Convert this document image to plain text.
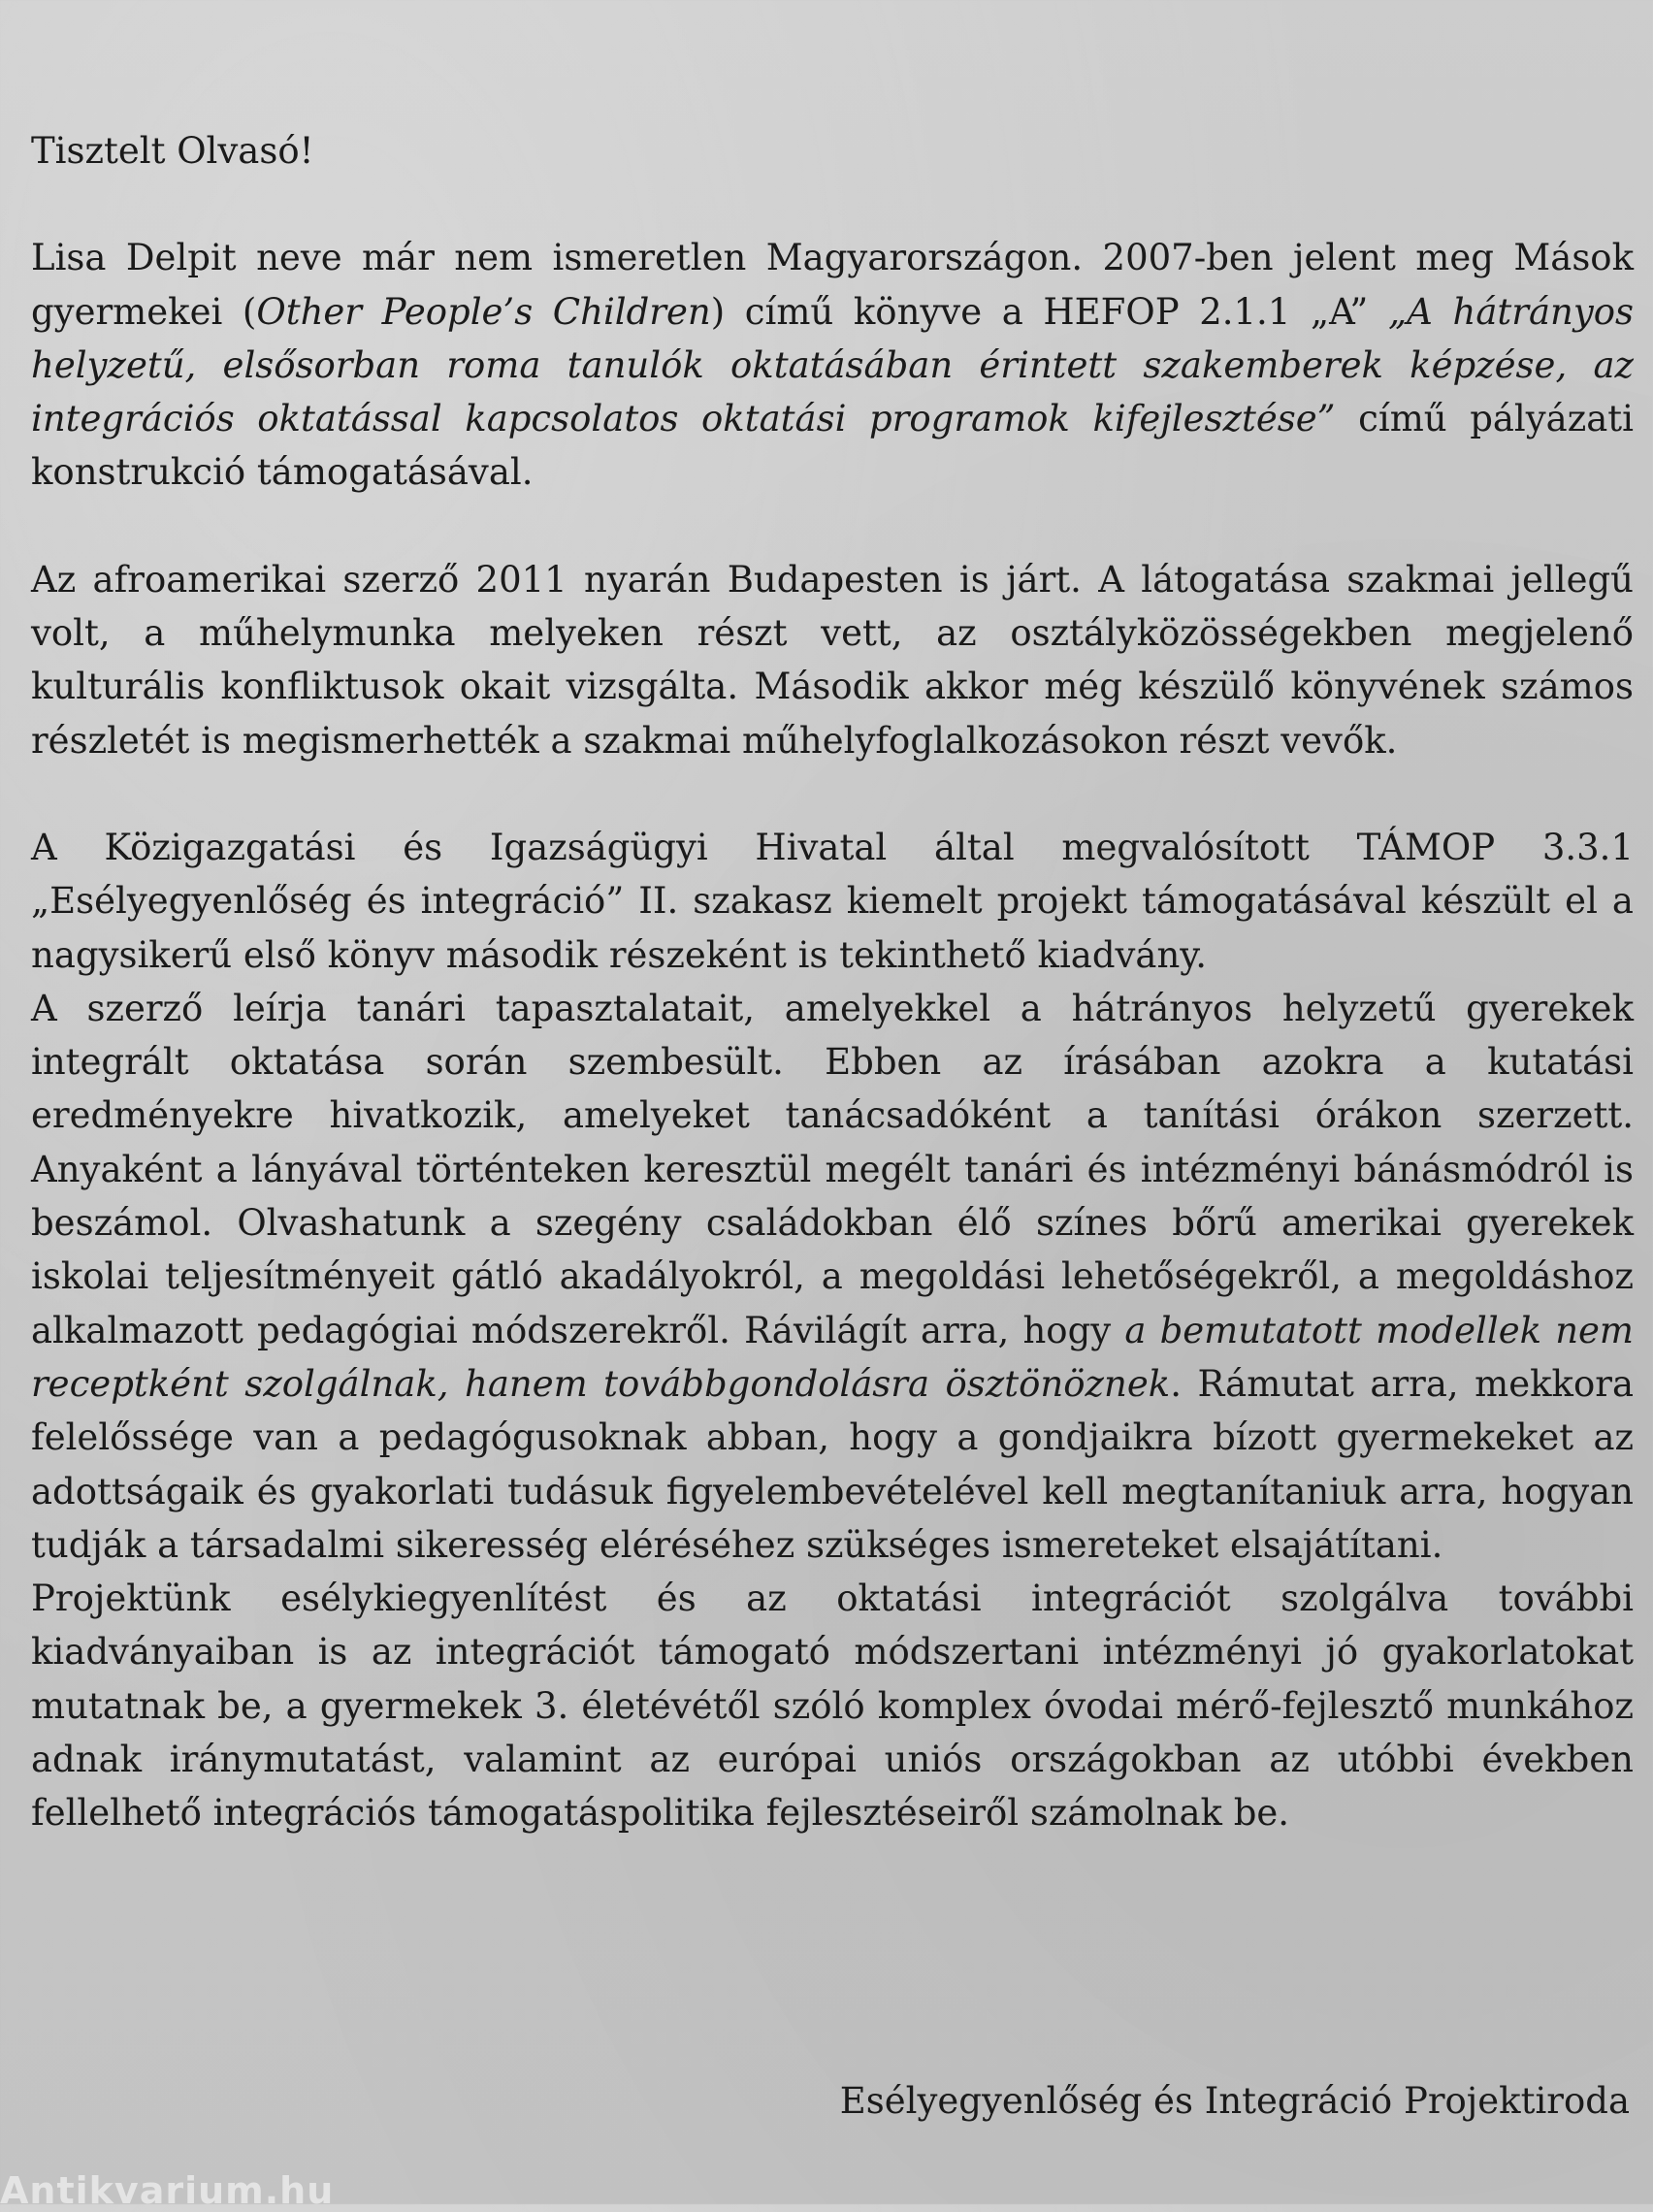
Tisztelt Olvasó!

Lisa Delpit neve már nem ismeretlen Magyarországon. 2007-ben jelent meg Mások gyermekei (Other People’s Children) című könyve a HEFOP 2.1.1 „A” „A hátrányos helyzetű, elsősorban roma tanulók oktatásában érintett szakemberek képzése, az integrációs oktatással kapcsolatos oktatási programok kifejlesztése” című pályázati konstrukció támogatásával.

Az afroamerikai szerző 2011 nyarán Budapesten is járt. A látogatása szakmai jellegű volt, a műhelymunka melyeken részt vett, az osztályközösségekben megjelenő kulturális konfliktusok okait vizsgálta. Második akkor még készülő könyvének számos részletét is megismerhették a szakmai műhelyfoglalkozásokon részt vevők.

A Közigazgatási és Igazságügyi Hivatal által megvalósított TÁMOP 3.3.1 „Esélyegyenlőség és integráció” II. szakasz kiemelt projekt támogatásával készült el a nagysikerű első könyv második részeként is tekinthető kiadvány.

A szerző leírja tanári tapasztalatait, amelyekkel a hátrányos helyzetű gyerekek integrált oktatása során szembesült. Ebben az írásában azokra a kutatási eredményekre hivatkozik, amelyeket tanácsadóként a tanítási órákon szerzett. Anyaként a lányával történteken keresztül megélt tanári és intézményi bánásmódról is beszámol. Olvashatunk a szegény családokban élő színes bőrű amerikai gyerekek iskolai teljesítményeit gátló akadályokról, a megoldási lehetőségekről, a megoldáshoz alkalmazott pedagógiai módszerekről. Rávilágít arra, hogy a bemutatott modellek nem receptként szolgálnak, hanem továbbgondolásra ösztönöznek. Rámutat arra, mekkora felelőssége van a pedagógusoknak abban, hogy a gondjaikra bízott gyermekeket az adottságaik és gyakorlati tudásuk figyelembevételével kell megtanítaniuk arra, hogyan tudják a társadalmi sikeresség eléréséhez szükséges ismereteket elsajátítani.

Projektünk esélykiegyenlítést és az oktatási integrációt szolgálva további kiadványaiban is az integrációt támogató módszertani intézményi jó gyakorlatokat mutatnak be, a gyermekek 3. életévétől szóló komplex óvodai mérő-fejlesztő munkához adnak iránymutatást, valamint az európai uniós országokban az utóbbi években fellelhető integrációs támogatáspolitika fejlesztéseiről számolnak be.

Esélyegyenlőség és Integráció Projektiroda
Antikvarium.hu
